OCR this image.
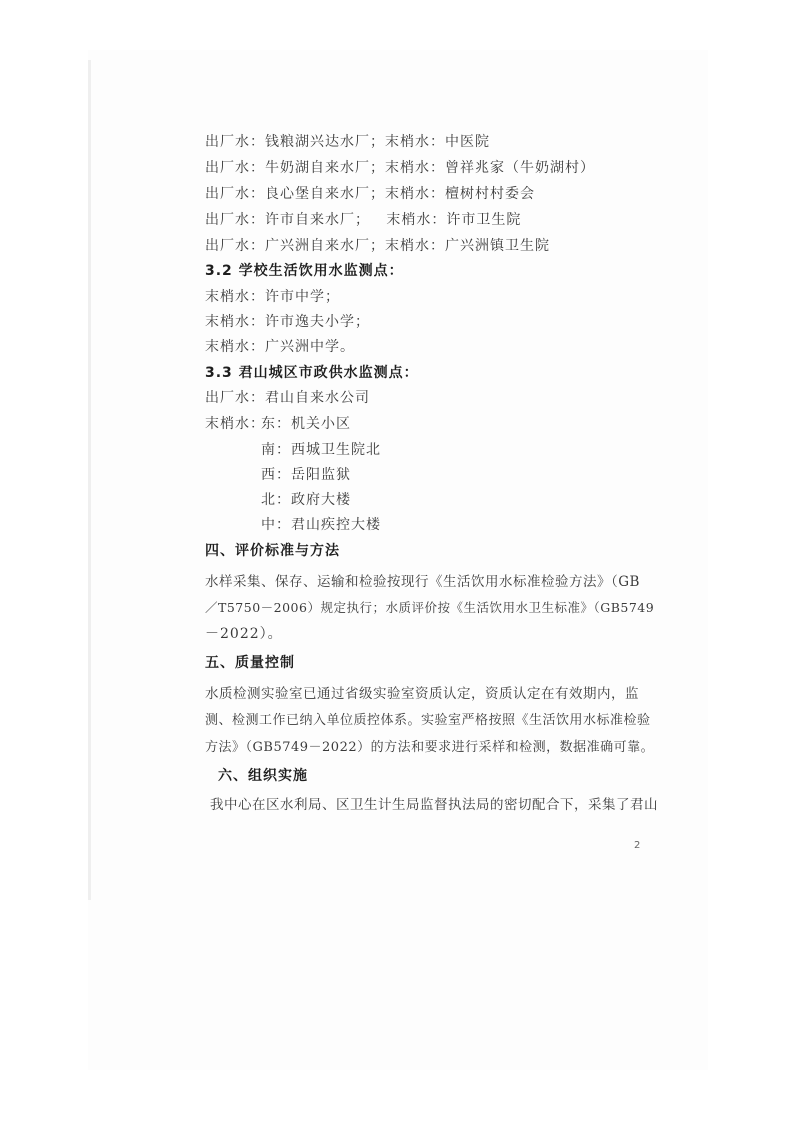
出厂水：钱粮湖兴达水厂；末梢水：中医院
出厂水：牛奶湖自来水厂；末梢水：曾祥兆家（牛奶湖村）
出厂水：良心堡自来水厂；末梢水：檀树村村委会
出厂水：许市自来水厂；   末梢水：许市卫生院
出厂水：广兴洲自来水厂；末梢水：广兴洲镇卫生院
3.2 学校生活饮用水监测点：
末梢水：许市中学；
末梢水：许市逸夫小学；
末梢水：广兴洲中学。
3.3 君山城区市政供水监测点：
出厂水：君山自来水公司
末梢水：
东：机关小区
南：西城卫生院北
西：岳阳监狱
北：政府大楼
中：君山疾控大楼
四、评价标准与方法
水样采集、保存、运输和检验按现行《生活饮用水标准检验方法》（GB
／T5750－2006）规定执行；水质评价按《生活饮用水卫生标准》（GB5749
－2022）。
五、质量控制
水质检测实验室已通过省级实验室资质认定，资质认定在有效期内，监
测、检测工作已纳入单位质控体系。实验室严格按照《生活饮用水标准检验
方法》（GB5749－2022）的方法和要求进行采样和检测，数据准确可靠。
六、组织实施
我中心在区水利局、区卫生计生局监督执法局的密切配合下，采集了君山
2
